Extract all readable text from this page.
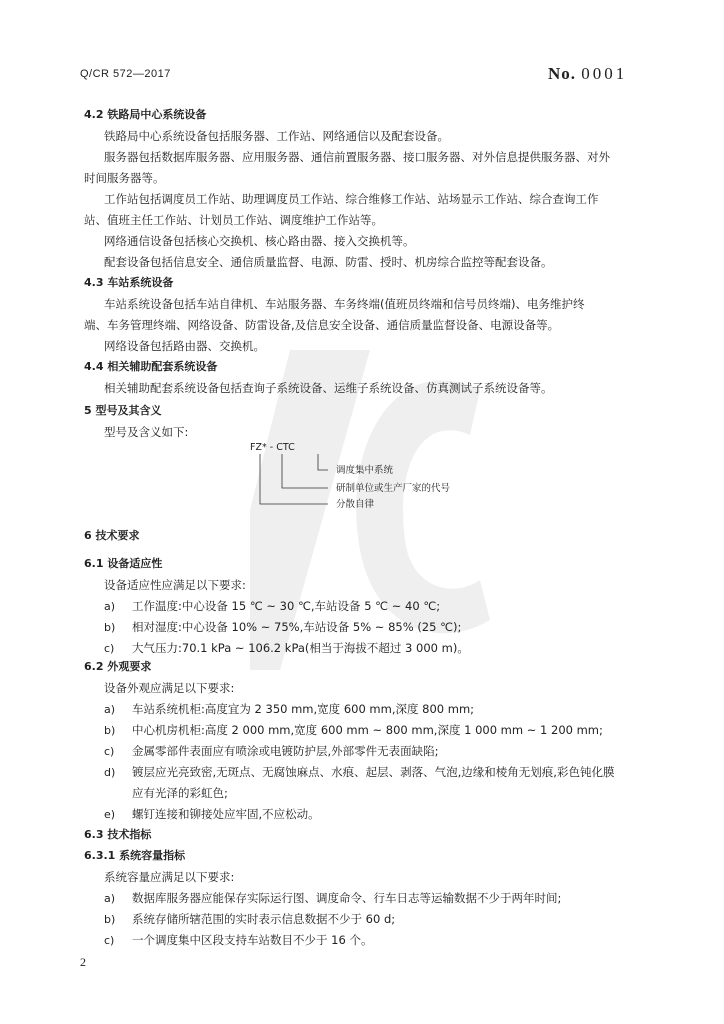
Q/CR 572—2017	No. 0001
4.2 铁路局中心系统设备
铁路局中心系统设备包括服务器、工作站、网络通信以及配套设备。
服务器包括数据库服务器、应用服务器、通信前置服务器、接口服务器、对外信息提供服务器、对外
时间服务器等。
工作站包括调度员工作站、助理调度员工作站、综合维修工作站、站场显示工作站、综合查询工作
站、值班主任工作站、计划员工作站、调度维护工作站等。
网络通信设备包括核心交换机、核心路由器、接入交换机等。
配套设备包括信息安全、通信质量监督、电源、防雷、授时、机房综合监控等配套设备。
4.3 车站系统设备
车站系统设备包括车站自律机、车站服务器、车务终端(值班员终端和信号员终端)、电务维护终
端、车务管理终端、网络设备、防雷设备,及信息安全设备、通信质量监督设备、电源设备等。
网络设备包括路由器、交换机。
4.4 相关辅助配套系统设备
相关辅助配套系统设备包括查询子系统设备、运维子系统设备、仿真测试子系统设备等。
5 型号及其含义
型号及含义如下:
FZ* - CTC
调度集中系统
研制单位或生产厂家的代号
分散自律
6 技术要求
6.1 设备适应性
设备适应性应满足以下要求:
a) 工作温度:中心设备 15 ℃ ~ 30 ℃,车站设备 5 ℃ ~ 40 ℃;
b) 相对湿度:中心设备 10% ~ 75%,车站设备 5% ~ 85% (25 ℃);
c) 大气压力:70.1 kPa ~ 106.2 kPa(相当于海拔不超过 3 000 m)。
6.2 外观要求
设备外观应满足以下要求:
a) 车站系统机柜:高度宜为 2 350 mm,宽度 600 mm,深度 800 mm;
b) 中心机房机柜:高度 2 000 mm,宽度 600 mm ~ 800 mm,深度 1 000 mm ~ 1 200 mm;
c) 金属零部件表面应有喷涂或电镀防护层,外部零件无表面缺陷;
d) 镀层应光亮致密,无斑点、无腐蚀麻点、水痕、起层、剥落、气泡,边缘和棱角无划痕,彩色钝化膜
应有光泽的彩虹色;
e) 螺钉连接和铆接处应牢固,不应松动。
6.3 技术指标
6.3.1 系统容量指标
系统容量应满足以下要求:
a) 数据库服务器应能保存实际运行图、调度命令、行车日志等运输数据不少于两年时间;
b) 系统存储所辖范围的实时表示信息数据不少于 60 d;
c) 一个调度集中区段支持车站数目不少于 16 个。
2
